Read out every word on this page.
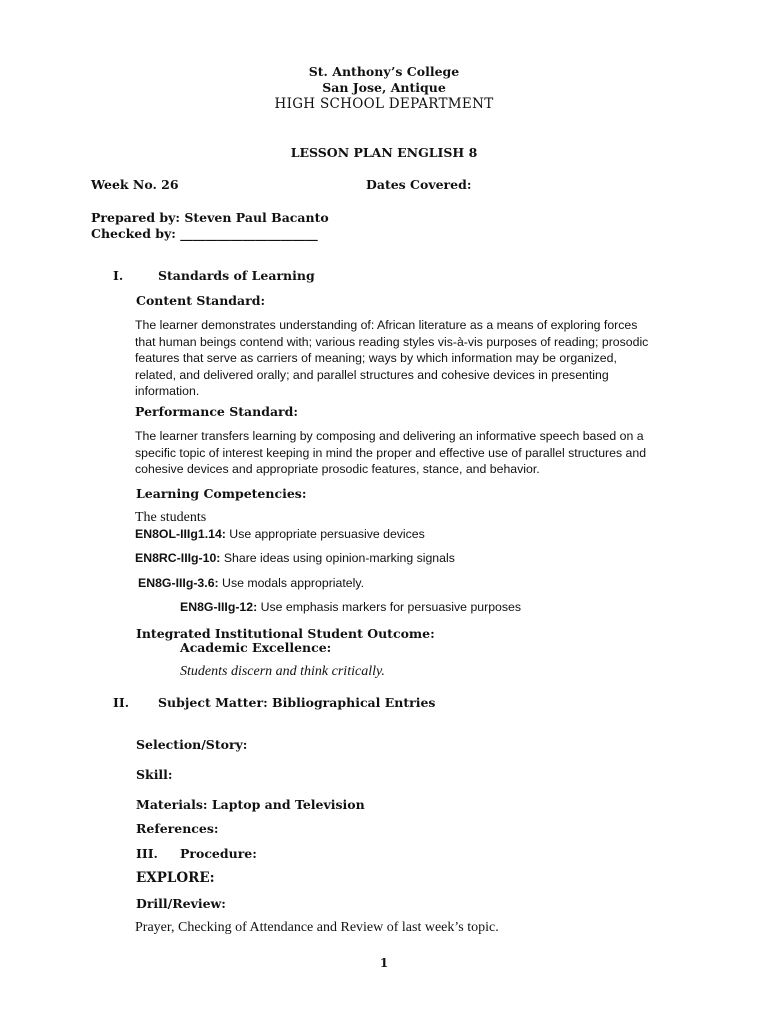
St. Anthony’s College
San Jose, Antique
HIGH SCHOOL DEPARTMENT
LESSON PLAN ENGLISH 8
Week No. 26	Dates Covered:
Prepared by: Steven Paul Bacanto
Checked by: ______________________
I.	Standards of Learning
Content Standard:
The learner demonstrates understanding of: African literature as a means of exploring forces
that human beings contend with; various reading styles vis-à-vis purposes of reading; prosodic
features that serve as carriers of meaning; ways by which information may be organized,
related, and delivered orally; and parallel structures and cohesive devices in presenting
information.
Performance Standard:
The learner transfers learning by composing and delivering an informative speech based on a
specific topic of interest keeping in mind the proper and effective use of parallel structures and
cohesive devices and appropriate prosodic features, stance, and behavior.
Learning Competencies:
The students
EN8OL-IIIg1.14: Use appropriate persuasive devices
EN8RC-IIIg-10: Share ideas using opinion-marking signals
EN8G-IIIg-3.6: Use modals appropriately.
EN8G-IIIg-12: Use emphasis markers for persuasive purposes
Integrated Institutional Student Outcome:
Academic Excellence:
Students discern and think critically.
II. Subject Matter: Bibliographical Entries
Selection/Story:
Skill:
Materials: Laptop and Television
References:
III. Procedure:
EXPLORE:
Drill/Review:
Prayer, Checking of Attendance and Review of last week’s topic.
1
